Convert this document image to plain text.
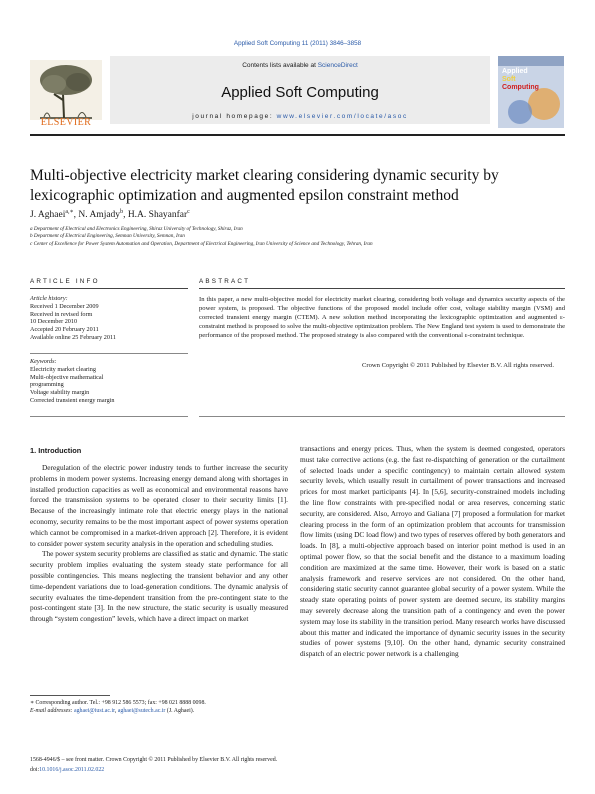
Applied Soft Computing 11 (2011) 3846–3858
Contents lists available at ScienceDirect
Applied Soft Computing
journal homepage: www.elsevier.com/locate/asoc
ELSEVIER
Applied
Soft
Computing
Multi-objective electricity market clearing considering dynamic security by lexicographic optimization and augmented epsilon constraint method
J. Aghaei$^{a,∗}$, N. Amjady$^b$, H.A. Shayanfar$^c$
a Department of Electrical and Electronics Engineering, Shiraz University of Technology, Shiraz, Iran
b Department of Electrical Engineering, Semnan University, Semnan, Iran
c Center of Excellence for Power System Automation and Operation, Department of Electrical Engineering, Iran University of Science and Technology, Tehran, Iran
ARTICLE INFO	ABSTRACT
Article history:
Received 1 December 2009
Received in revised form
10 December 2010
Accepted 20 February 2011
Available online 25 February 2011
Keywords:
Electricity market clearing
Multi-objective mathematical
programming
Voltage stability margin
Corrected transient energy margin
In this paper, a new multi-objective model for electricity market clearing, considering both voltage and dynamics security aspects of the power system, is proposed. The objective functions of the proposed model include offer cost, voltage stability margin (VSM) and corrected transient energy margin (CTEM). A new solution method incorporating the lexicographic optimization and augmented ε-constraint method is proposed to solve the multi-objective optimization problem. The New England test system is used to demonstrate the performance of the proposed method. The proposed strategy is also compared with the conventional ε-constraint technique.
Crown Copyright © 2011 Published by Elsevier B.V. All rights reserved.
1. Introduction

Deregulation of the electric power industry tends to further increase the security problems in modern power systems. Increasing energy demand along with shortages in installed production capacities as well as economical and environmental reasons have forced the transmission systems to be operated closer to their security limits [1]. Because of the increasingly intimate role that electric energy plays in the national economy, security remains to be the most important aspect of power systems operation which cannot be compromised in a market-driven approach [2]. Therefore, it is evident to consider power system security analysis in the operation and scheduling studies.

The power system security problems are classified as static and dynamic. The static security problem implies evaluating the system steady state performance for all possible contingencies. This means neglecting the transient behavior and any other time-dependent variations due to load-generation conditions. The dynamic analysis of security evaluates the time-dependent transition from the pre-contingent state to the post-contingent state [3]. In the new structure, the static security is usually measured through “system congestion” levels, which have a direct impact on market

transactions and energy prices. Thus, when the system is deemed congested, operators must take corrective actions (e.g. the fast re-dispatching of generation or the curtailment of selected loads under a specific contingency) to maintain certain allowed system security levels, which usually result in curtailment of power transactions and increased prices for most market participants [4]. In [5,6], security-constrained models including the line flow constraints with pre-specified nodal or area reserves, concerning static security, are considered. Also, Arroyo and Galiana [7] proposed a formulation for market clearing process in the form of an optimization problem that accounts for transmission flow limits (using DC load flow) and two types of reserves offered by both generators and loads. In [8], a multi-objective approach based on interior point method is used in an optimal power flow, so that the social benefit and the distance to a maximum loading condition are maximized at the same time. However, their work is based on a static analysis framework and reserve services are not considered. On the other hand, considering static security cannot guarantee global security of a power system. While the steady state operating points of power system are deemed secure, its stability margins may severely decrease along the transition path of a contingency and even the power system may lose its stability in the transition period. Many research works have discussed about this matter and indicated the importance of dynamic security issues in the security studies of power systems [9,10]. On the other hand, dynamic security constrained dispatch of an electric power network is a challenging

∗ Corresponding author. Tel.: +98 912 586 5573; fax: +98 021 8888 0098.
E-mail addresses: aghaei@iust.ac.ir, aghaei@sutech.ac.ir (J. Aghaei).
1568-4946/$ – see front matter. Crown Copyright © 2011 Published by Elsevier B.V. All rights reserved.
doi:10.1016/j.asoc.2011.02.022
